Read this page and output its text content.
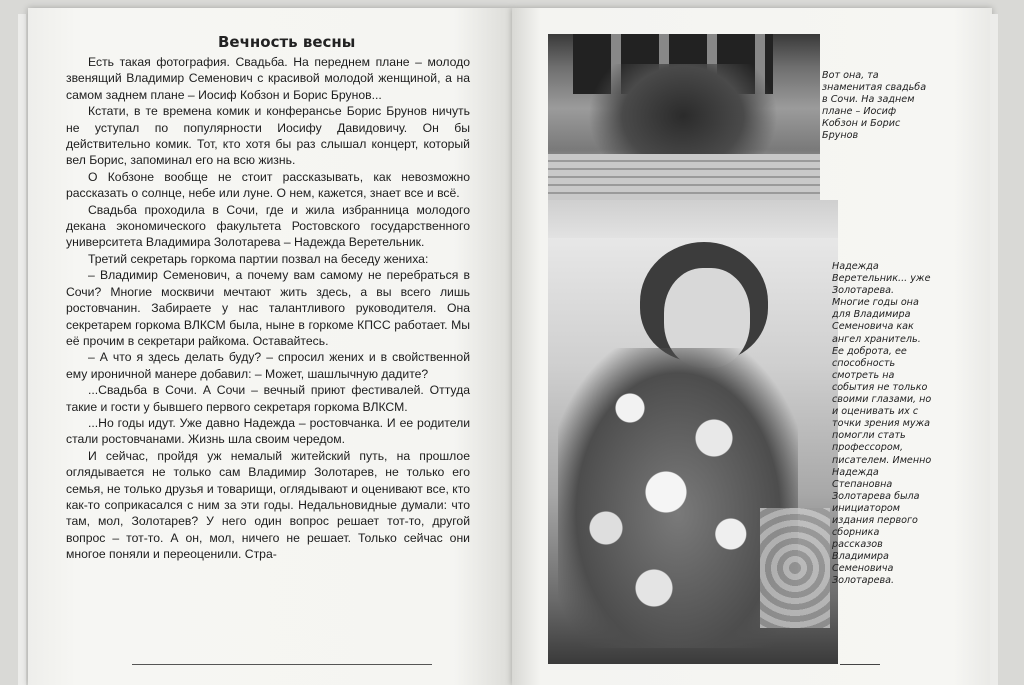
Вечность весны

Есть такая фотография. Свадьба. На переднем плане – молодо звенящий Владимир Семенович с красивой молодой женщиной, а на самом заднем плане – Иосиф Кобзон и Борис Брунов...

Кстати, в те времена комик и конферансье Борис Брунов ничуть не уступал по популярности Иосифу Давидовичу. Он бы действительно комик. Тот, кто хотя бы раз слышал концерт, который вел Борис, запоминал его на всю жизнь.

О Кобзоне вообще не стоит рассказывать, как невозможно рассказать о солнце, небе или луне. О нем, кажется, знает все и всё.

Свадьба проходила в Сочи, где и жила избранница молодого декана экономического факультета Ростовского государственного университета Владимира Золотарева – Надежда Веретельник.

Третий секретарь горкома партии позвал на беседу жениха:

– Владимир Семенович, а почему вам самому не перебраться в Сочи? Многие москвичи мечтают жить здесь, а вы всего лишь ростовчанин. Забираете у нас талантливого руководителя. Она секретарем горкома ВЛКСМ была, ныне в горкоме КПСС работает. Мы её прочим в секретари райкома. Оставайтесь.

– А что я здесь делать буду? – спросил жених и в свойственной ему ироничной манере добавил: – Может, шашлычную дадите?

...Свадьба в Сочи. А Сочи – вечный приют фестивалей. Оттуда такие и гости у бывшего первого секретаря горкома ВЛКСМ.

...Но годы идут. Уже давно Надежда – ростовчанка. И ее родители стали ростовчанами. Жизнь шла своим чередом.

И сейчас, пройдя уж немалый житейский путь, на прошлое оглядывается не только сам Владимир Золотарев, не только его семья, не только друзья и товарищи, оглядывают и оценивают все, кто как-то соприкасался с ним за эти годы. Недальновидные думали: что там, мол, Золотарев? У него один вопрос решает тот-то, другой вопрос – тот-то. А он, мол, ничего не решает. Только сейчас они многое поняли и переоценили. Стра-

Вот она, та знаменитая свадьба в Сочи. На заднем плане – Иосиф Кобзон и Борис Брунов
Надежда Веретельник... уже Золотарева. Многие годы она для Владимира Семеновича как ангел хранитель. Ее доброта, ее способность смотреть на события не только своими глазами, но и оценивать их с точки зрения мужа помогли стать профессором, писателем. Именно Надежда Степановна Золотарева была инициатором издания первого сборника рассказов Владимира Семеновича Золотарева.
